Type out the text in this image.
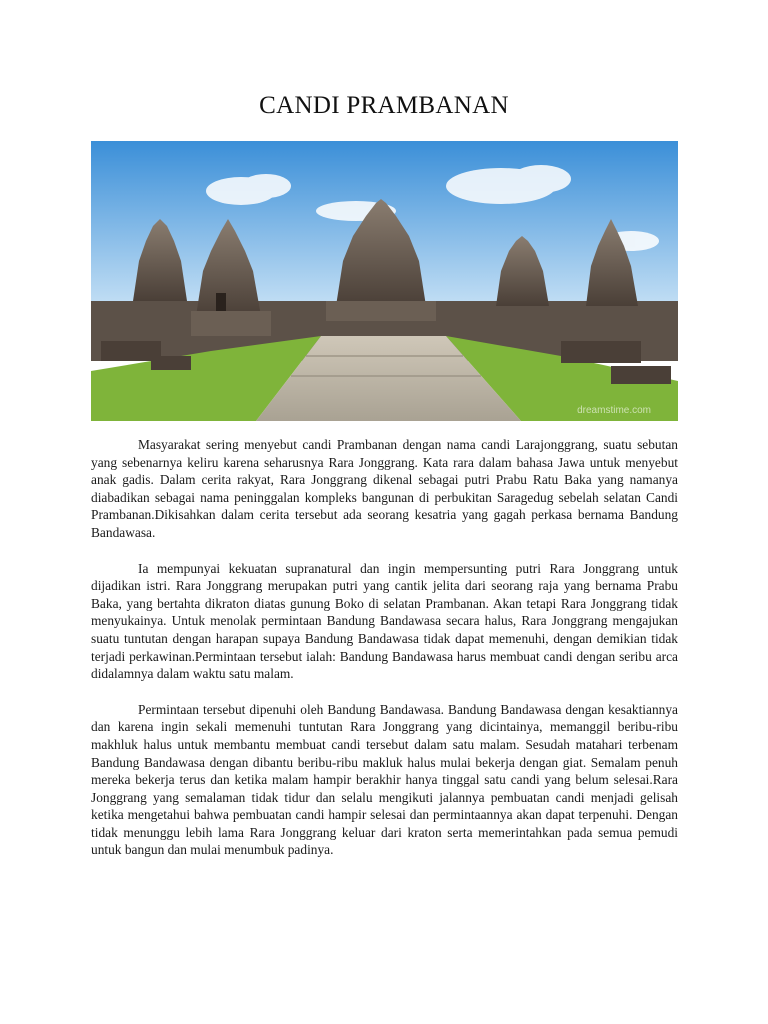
CANDI PRAMBANAN
dreamstime.com

Masyarakat sering menyebut candi Prambanan dengan nama candi Larajonggrang, suatu sebutan yang sebenarnya keliru karena seharusnya Rara Jonggrang. Kata rara dalam bahasa Jawa untuk menyebut anak gadis. Dalam cerita rakyat, Rara Jonggrang dikenal sebagai putri Prabu Ratu Baka yang namanya diabadikan sebagai nama peninggalan kompleks bangunan di perbukitan Saragedug sebelah selatan Candi Prambanan.Dikisahkan dalam cerita tersebut ada seorang kesatria yang gagah perkasa bernama Bandung Bandawasa.

Ia mempunyai kekuatan supranatural dan ingin mempersunting putri Rara Jonggrang untuk dijadikan istri. Rara Jonggrang merupakan putri yang cantik jelita dari seorang raja yang bernama Prabu Baka, yang bertahta dikraton diatas gunung Boko di selatan Prambanan. Akan tetapi Rara Jonggrang tidak menyukainya. Untuk menolak permintaan Bandung Bandawasa secara halus, Rara Jonggrang mengajukan suatu tuntutan dengan harapan supaya Bandung Bandawasa tidak dapat memenuhi, dengan demikian tidak terjadi perkawinan.Permintaan tersebut ialah: Bandung Bandawasa harus membuat candi dengan seribu arca didalamnya dalam waktu satu malam.

Permintaan tersebut dipenuhi oleh Bandung Bandawasa. Bandung Bandawasa dengan kesaktiannya dan karena ingin sekali memenuhi tuntutan Rara Jonggrang yang dicintainya, memanggil beribu-ribu makhluk halus untuk membantu membuat candi tersebut dalam satu malam. Sesudah matahari terbenam Bandung Bandawasa dengan dibantu beribu-ribu makluk halus mulai bekerja dengan giat. Semalam penuh mereka bekerja terus dan ketika malam hampir berakhir hanya tinggal satu candi yang belum selesai.Rara Jonggrang yang semalaman tidak tidur dan selalu mengikuti jalannya pembuatan candi menjadi gelisah ketika mengetahui bahwa pembuatan candi hampir selesai dan permintaannya akan dapat terpenuhi. Dengan tidak menunggu lebih lama Rara Jonggrang keluar dari kraton serta memerintahkan pada semua pemudi untuk bangun dan mulai menumbuk padinya.
